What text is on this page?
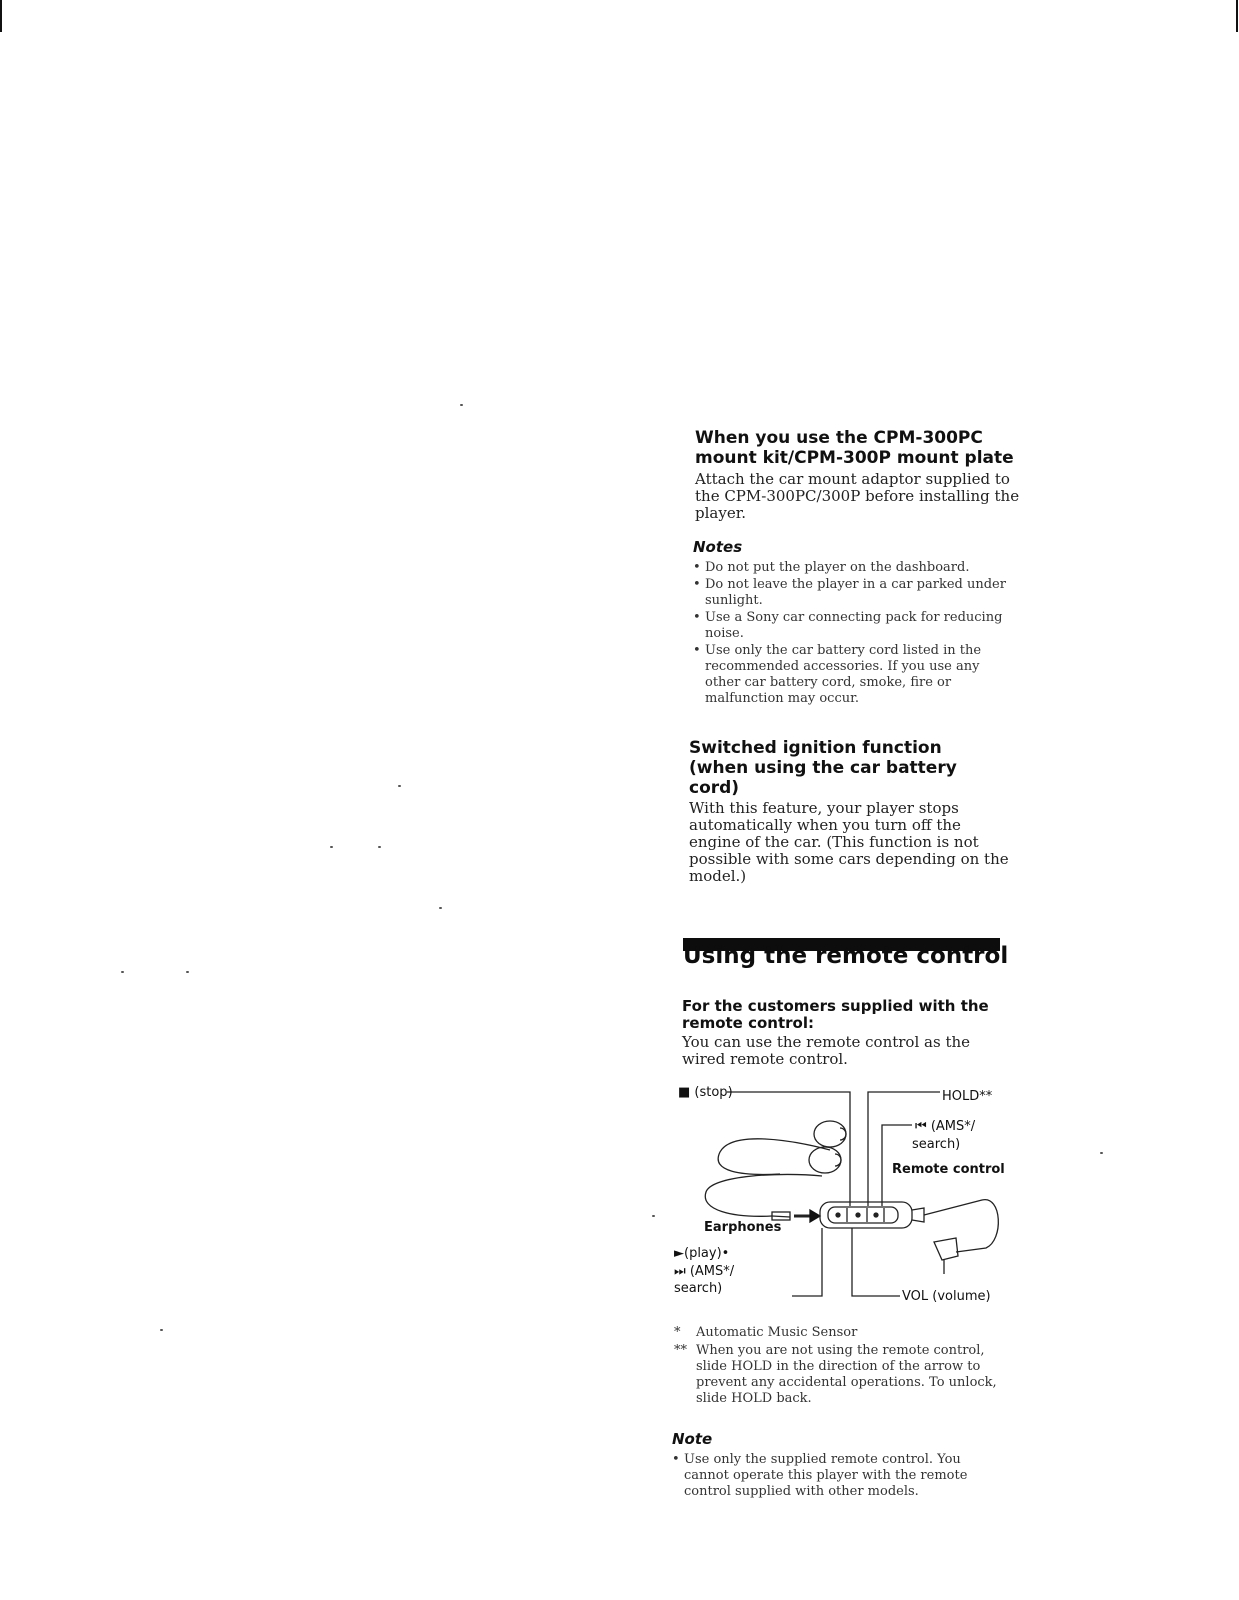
When you use the CPM-300PC mount kit/CPM-300P mount plate

Attach the car mount adaptor supplied to the CPM-300PC/300P before installing the player.

Notes

• Do not put the player on the dashboard.
• Do not leave the player in a car parked under sunlight.
• Use a Sony car connecting pack for reducing noise.
• Use only the car battery cord listed in the recommended accessories. If you use any other car battery cord, smoke, fire or malfunction may occur.
Switched ignition function
(when using the car battery cord)

With this feature, your player stops automatically when you turn off the engine of the car. (This function is not possible with some cars depending on the model.)

Using the remote control
For the customers supplied with the remote control:

You can use the remote control as the wired remote control.

■ (stop)	HOLD**

⏮ (AMS*/

search)

Remote control

Earphones

►(play)•

⏭ (AMS*/

search)

VOL (volume)

* Automatic Music Sensor
** When you are not using the remote control, slide HOLD in the direction of the arrow to prevent any accidental operations. To unlock, slide HOLD back.

Note

• Use only the supplied remote control. You cannot operate this player with the remote control supplied with other models.
